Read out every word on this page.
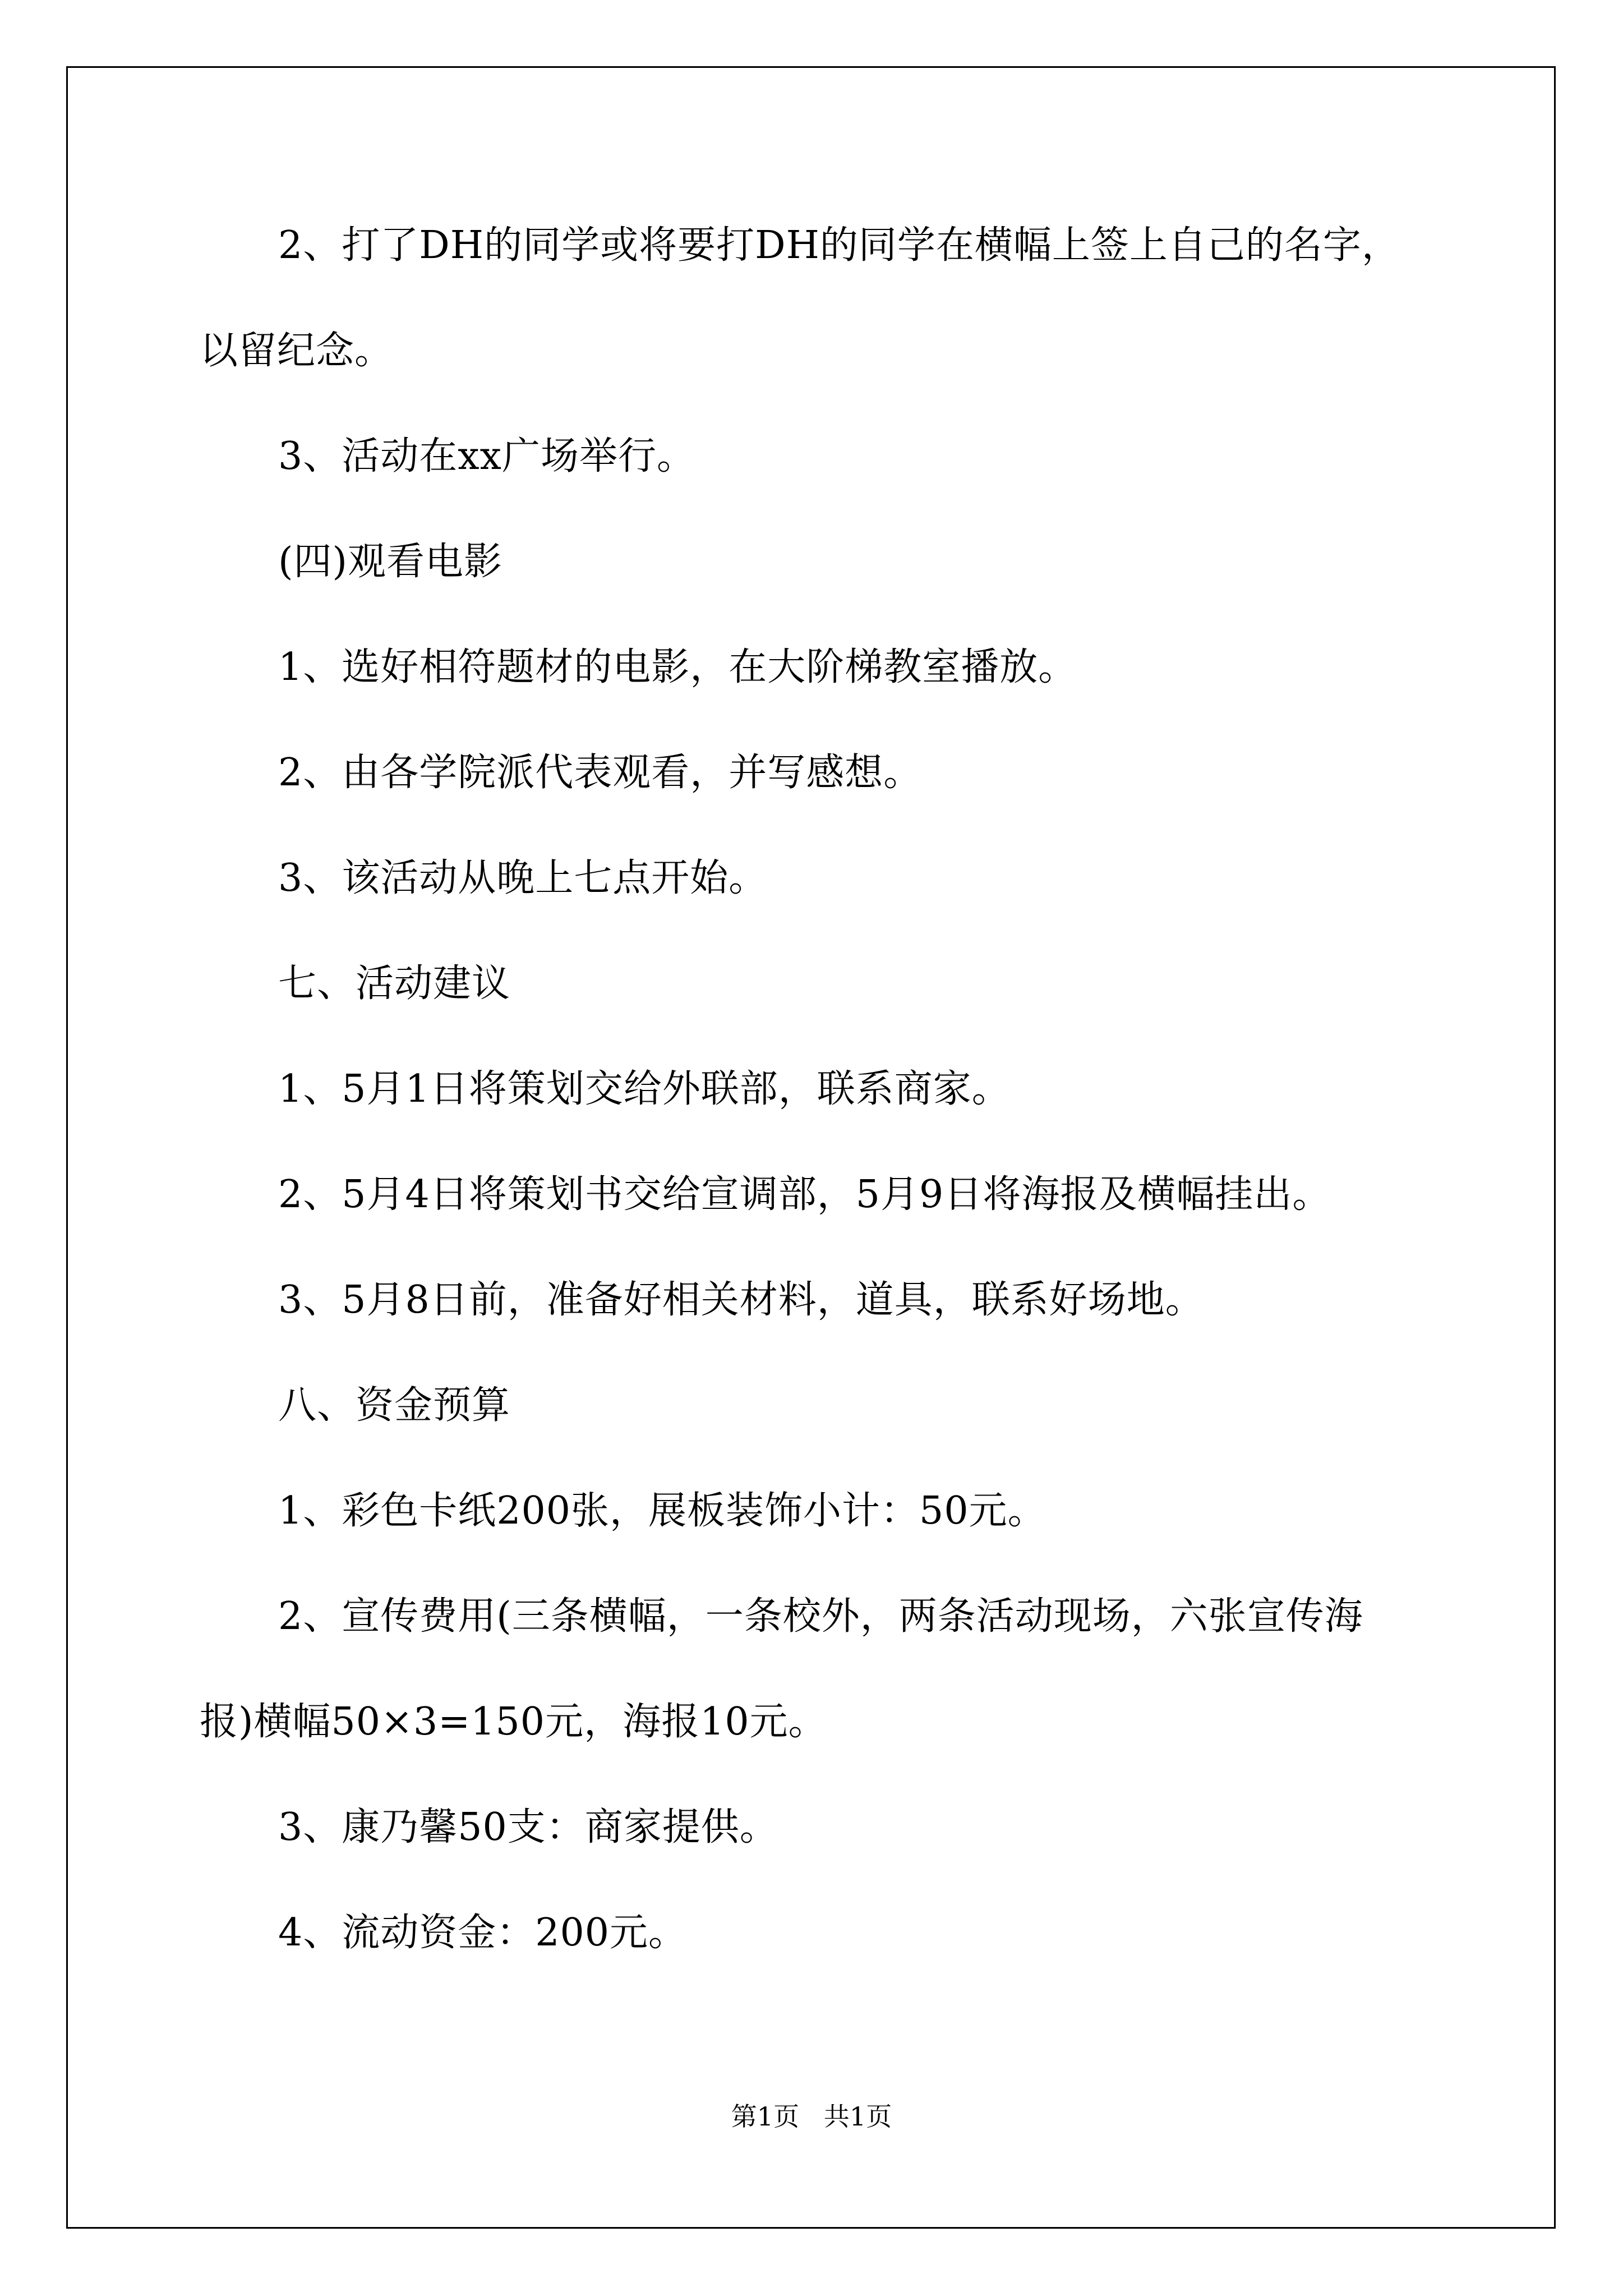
2、打了DH的同学或将要打DH的同学在横幅上签上自己的名字，
以留纪念。
3、活动在xx广场举行。
(四)观看电影
1、选好相符题材的电影，在大阶梯教室播放。
2、由各学院派代表观看，并写感想。
3、该活动从晚上七点开始。
七、活动建议
1、5月1日将策划交给外联部，联系商家。
2、5月4日将策划书交给宣调部，5月9日将海报及横幅挂出。
3、5月8日前，准备好相关材料，道具，联系好场地。
八、资金预算
1、彩色卡纸200张，展板装饰小计：50元。
2、宣传费用(三条横幅，一条校外，两条活动现场，六张宣传海
报)横幅50×3=150元，海报10元。
3、康乃馨50支：商家提供。
4、流动资金：200元。
第1页   共1页
